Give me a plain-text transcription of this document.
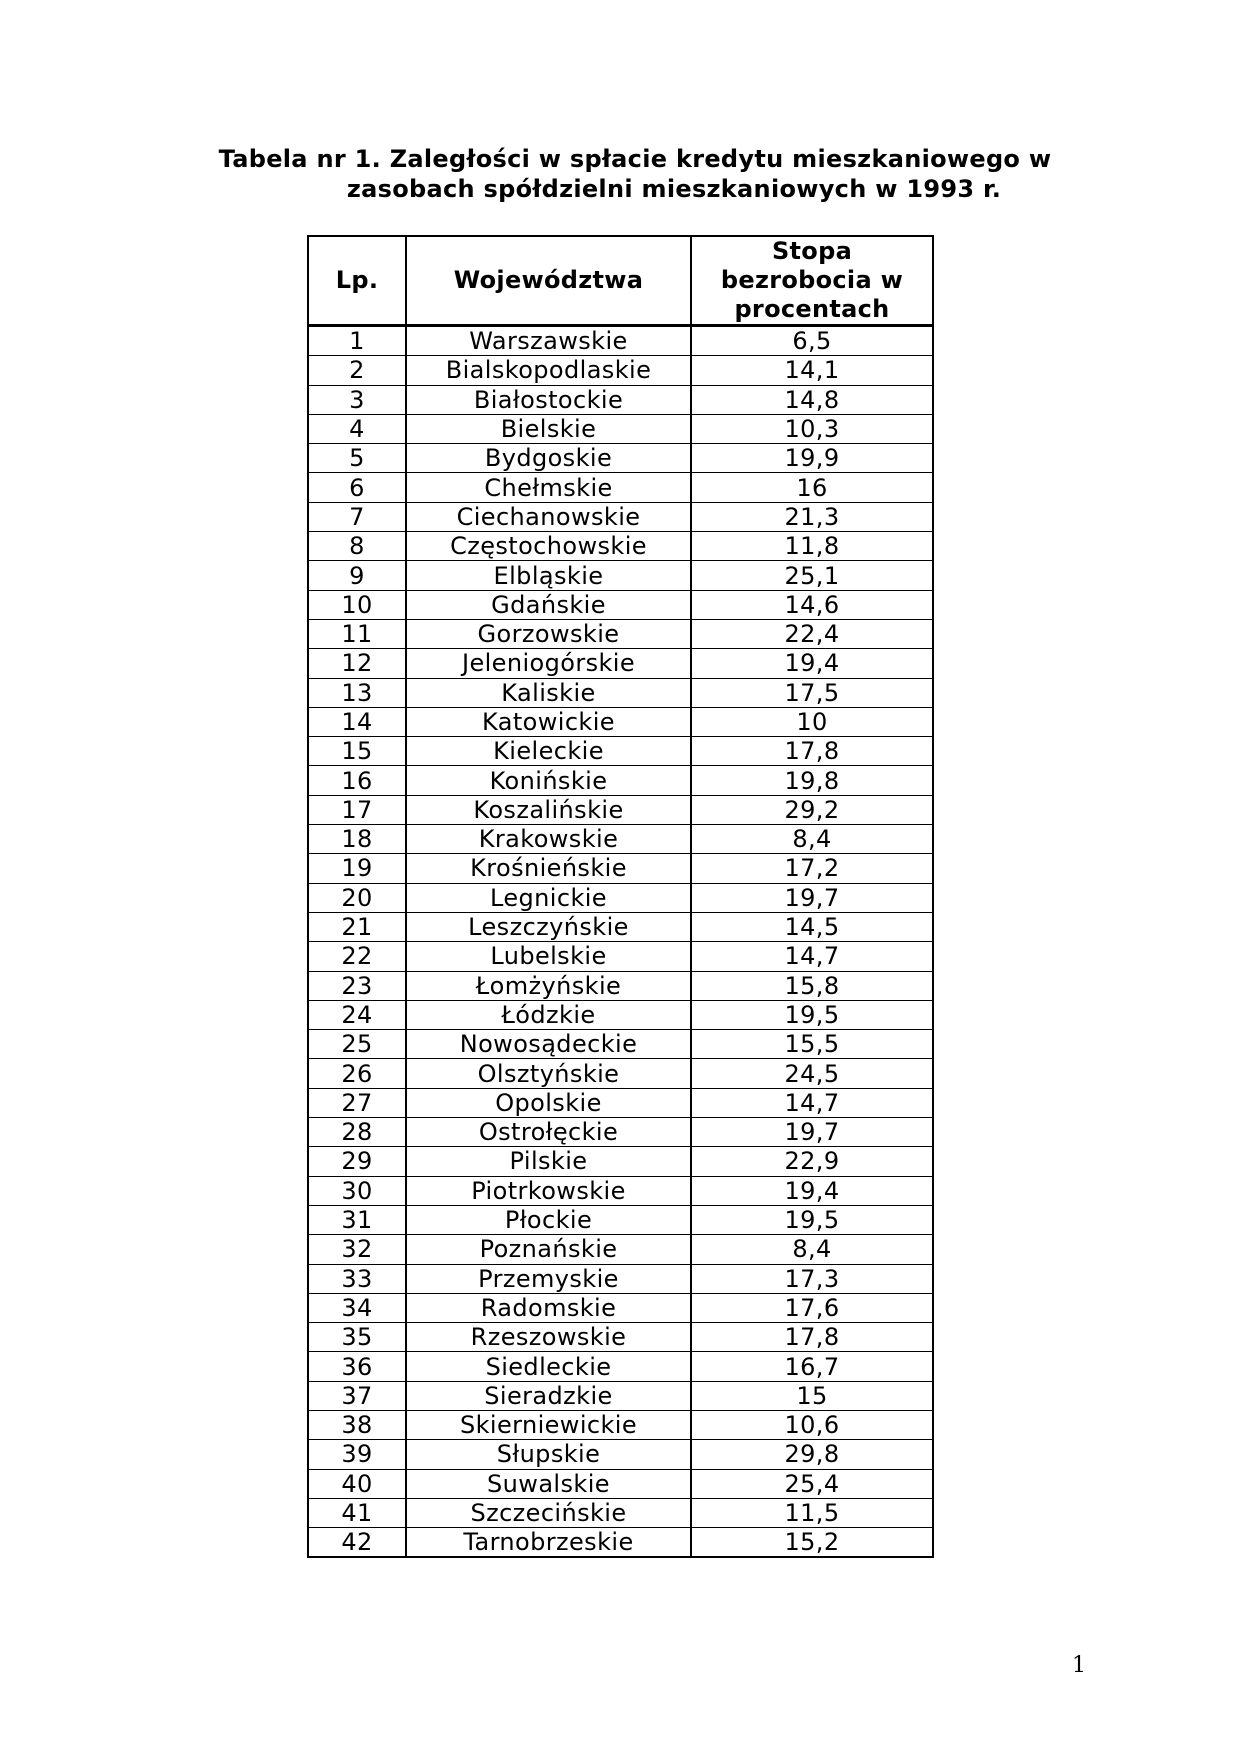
Tabela nr 1. Zaległości w spłacie kredytu mieszkaniowego w
zasobach spółdzielni mieszkaniowych w 1993 r.
Lp.	Województwa	Stopa
bezrobocia w
procentach
1	Warszawskie	6,5
2	Bialskopodlaskie	14,1
3	Białostockie	14,8
4	Bielskie	10,3
5	Bydgoskie	19,9
6	Chełmskie	16
7	Ciechanowskie	21,3
8	Częstochowskie	11,8
9	Elbląskie	25,1
10	Gdańskie	14,6
11	Gorzowskie	22,4
12	Jeleniogórskie	19,4
13	Kaliskie	17,5
14	Katowickie	10
15	Kieleckie	17,8
16	Konińskie	19,8
17	Koszalińskie	29,2
18	Krakowskie	8,4
19	Krośnieńskie	17,2
20	Legnickie	19,7
21	Leszczyńskie	14,5
22	Lubelskie	14,7
23	Łomżyńskie	15,8
24	Łódzkie	19,5
25	Nowosądeckie	15,5
26	Olsztyńskie	24,5
27	Opolskie	14,7
28	Ostrołęckie	19,7
29	Pilskie	22,9
30	Piotrkowskie	19,4
31	Płockie	19,5
32	Poznańskie	8,4
33	Przemyskie	17,3
34	Radomskie	17,6
35	Rzeszowskie	17,8
36	Siedleckie	16,7
37	Sieradzkie	15
38	Skierniewickie	10,6
39	Słupskie	29,8
40	Suwalskie	25,4
41	Szczecińskie	11,5
42	Tarnobrzeskie	15,2
1
